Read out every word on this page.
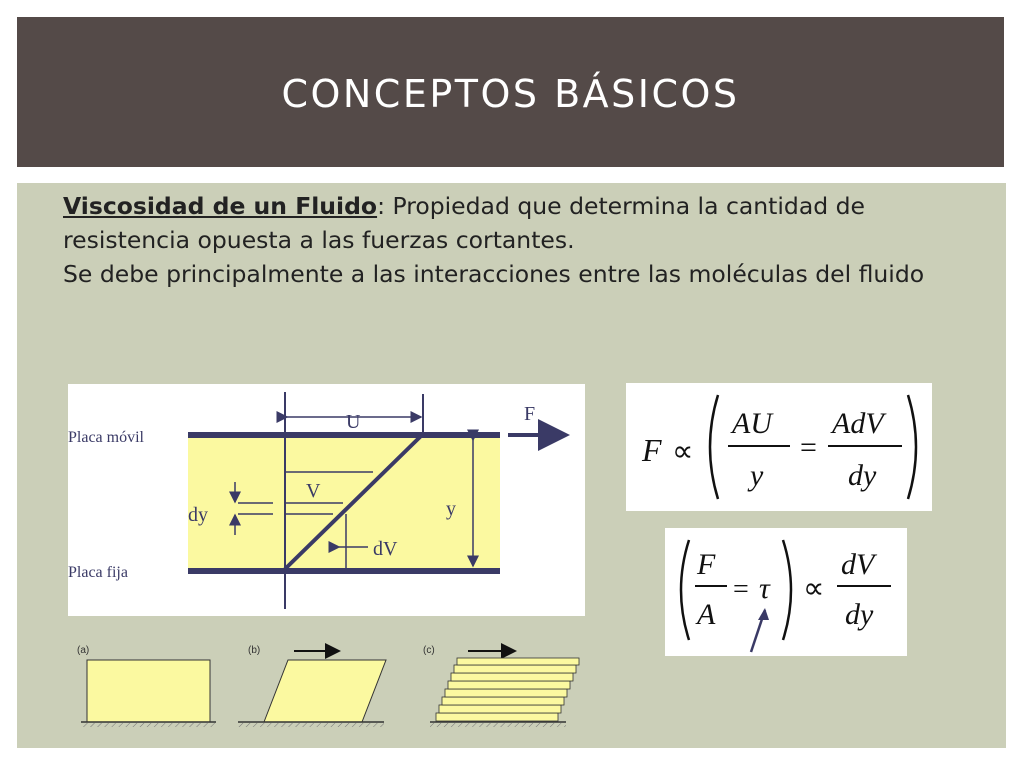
CONCEPTOS BÁSICOS
Viscosidad de un Fluido: Propiedad que determina la cantidad de resistencia opuesta a las fuerzas cortantes.
Se debe principalmente a las interacciones entre las moléculas del fluido
U	F
V
dV
dy	y
Placa móvil
Placa fija
F ∝
AU
y
=
AdV
dy
F
A
= τ ∝
dV
dy
(a)	(b)	(c)
